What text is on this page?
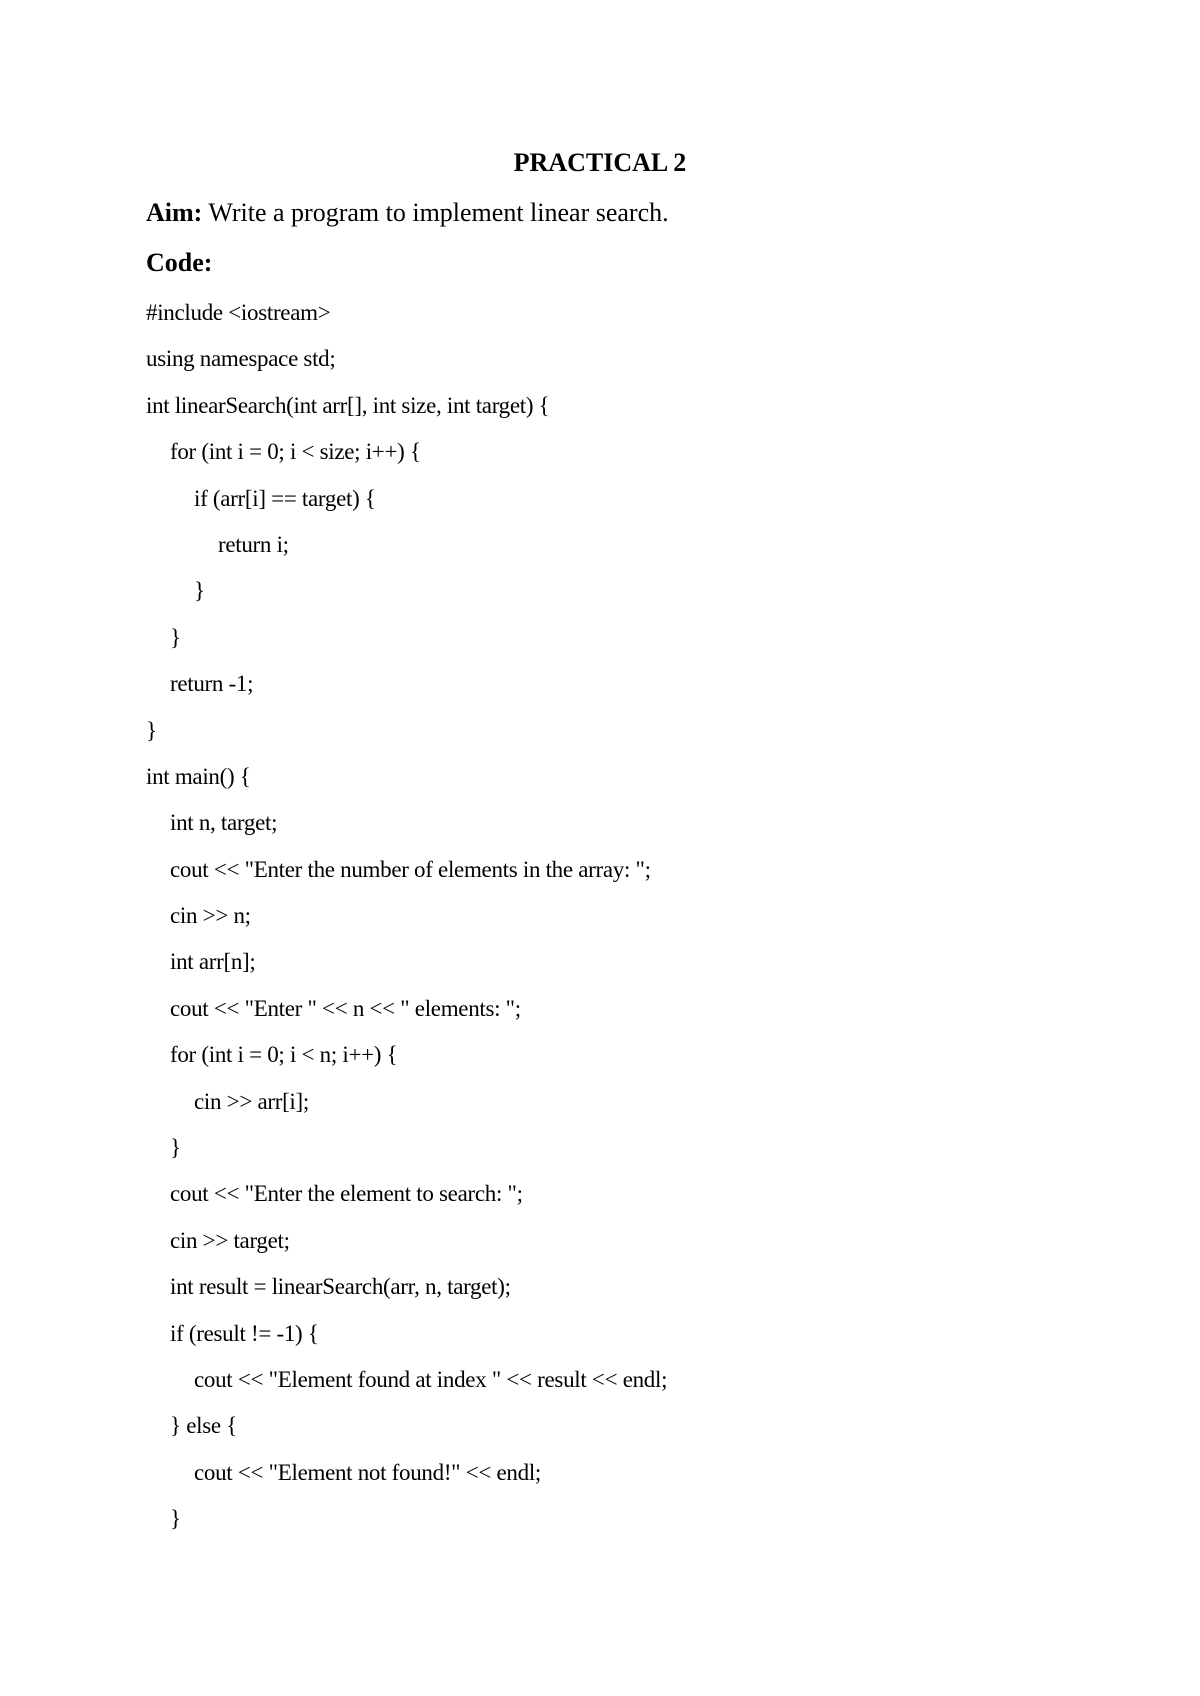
PRACTICAL 2
Aim: Write a program to implement linear search.
Code:
#include <iostream>
using namespace std;
int linearSearch(int arr[], int size, int target) {
for (int i = 0; i < size; i++) {
if (arr[i] == target) {
return i;
}
}
return -1;
}
int main() {
int n, target;
cout << "Enter the number of elements in the array: ";
cin >> n;
int arr[n];
cout << "Enter " << n << " elements: ";
for (int i = 0; i < n; i++) {
cin >> arr[i];
}
cout << "Enter the element to search: ";
cin >> target;
int result = linearSearch(arr, n, target);
if (result != -1) {
cout << "Element found at index " << result << endl;
} else {
cout << "Element not found!" << endl;
}
